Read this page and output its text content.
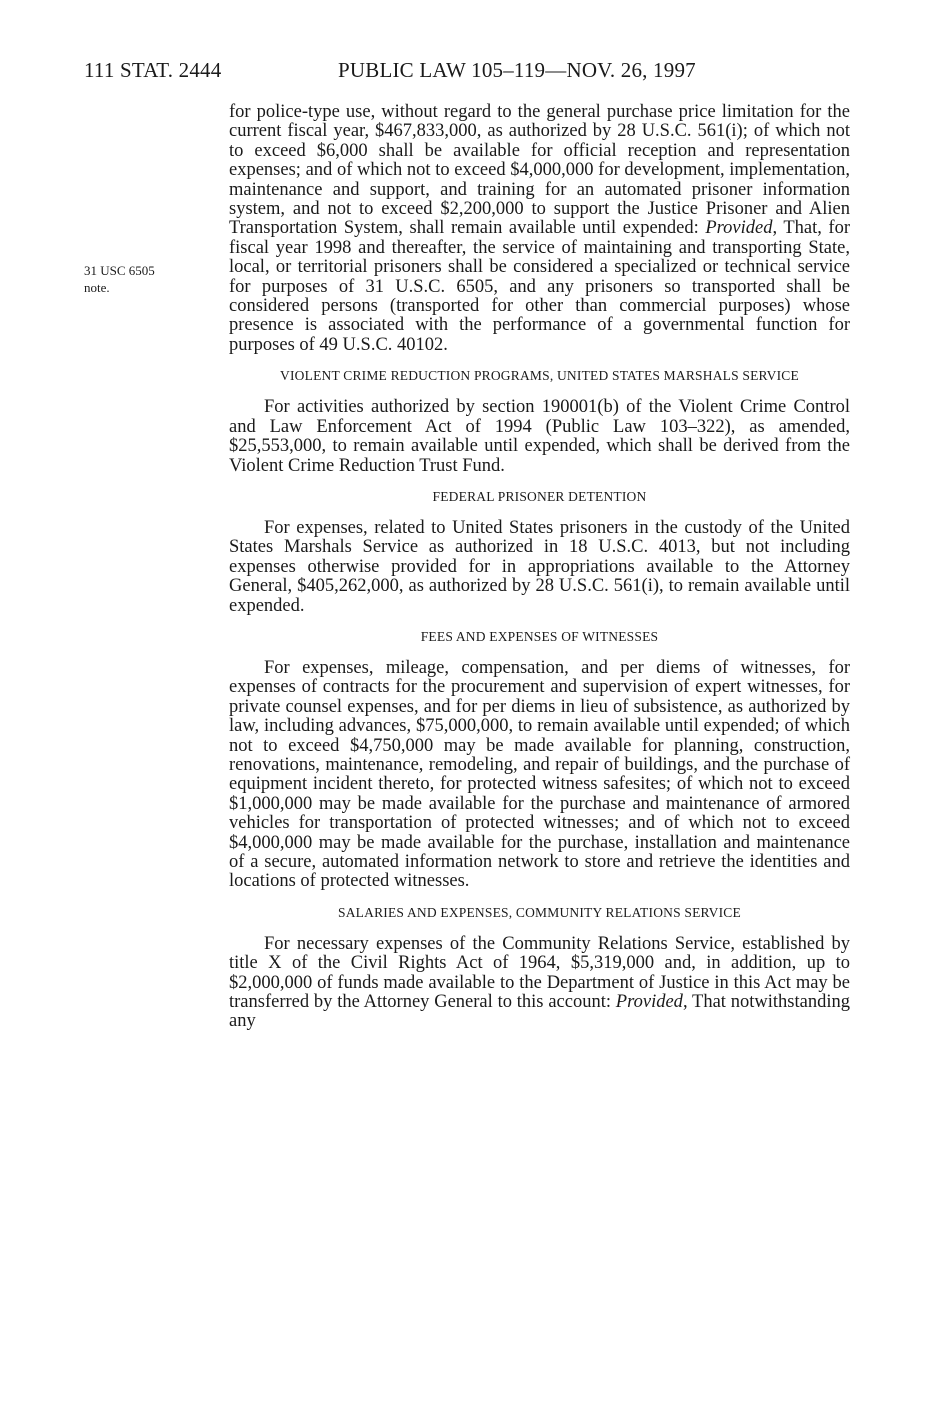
111 STAT. 2444	PUBLIC LAW 105–119—NOV. 26, 1997
31 USC 6505
note.

for police-type use, without regard to the general purchase price limitation for the current fiscal year, $467,833,000, as authorized by 28 U.S.C. 561(i); of which not to exceed $6,000 shall be available for official reception and representation expenses; and of which not to exceed $4,000,000 for development, implementation, maintenance and support, and training for an automated prisoner information system, and not to exceed $2,200,000 to support the Justice Prisoner and Alien Transportation System, shall remain available until expended: Provided, That, for fiscal year 1998 and thereafter, the service of maintaining and transporting State, local, or territorial prisoners shall be considered a specialized or technical service for purposes of 31 U.S.C. 6505, and any prisoners so transported shall be considered persons (transported for other than commercial purposes) whose presence is associated with the performance of a governmental function for purposes of 49 U.S.C. 40102.

VIOLENT CRIME REDUCTION PROGRAMS, UNITED STATES MARSHALS SERVICE

For activities authorized by section 190001(b) of the Violent Crime Control and Law Enforcement Act of 1994 (Public Law 103–322), as amended, $25,553,000, to remain available until expended, which shall be derived from the Violent Crime Reduction Trust Fund.

FEDERAL PRISONER DETENTION

For expenses, related to United States prisoners in the custody of the United States Marshals Service as authorized in 18 U.S.C. 4013, but not including expenses otherwise provided for in appropriations available to the Attorney General, $405,262,000, as authorized by 28 U.S.C. 561(i), to remain available until expended.

FEES AND EXPENSES OF WITNESSES

For expenses, mileage, compensation, and per diems of witnesses, for expenses of contracts for the procurement and supervision of expert witnesses, for private counsel expenses, and for per diems in lieu of subsistence, as authorized by law, including advances, $75,000,000, to remain available until expended; of which not to exceed $4,750,000 may be made available for planning, construction, renovations, maintenance, remodeling, and repair of buildings, and the purchase of equipment incident thereto, for protected witness safesites; of which not to exceed $1,000,000 may be made available for the purchase and maintenance of armored vehicles for transportation of protected witnesses; and of which not to exceed $4,000,000 may be made available for the purchase, installation and maintenance of a secure, automated information network to store and retrieve the identities and locations of protected witnesses.

SALARIES AND EXPENSES, COMMUNITY RELATIONS SERVICE

For necessary expenses of the Community Relations Service, established by title X of the Civil Rights Act of 1964, $5,319,000 and, in addition, up to $2,000,000 of funds made available to the Department of Justice in this Act may be transferred by the Attorney General to this account: Provided, That notwithstanding any
